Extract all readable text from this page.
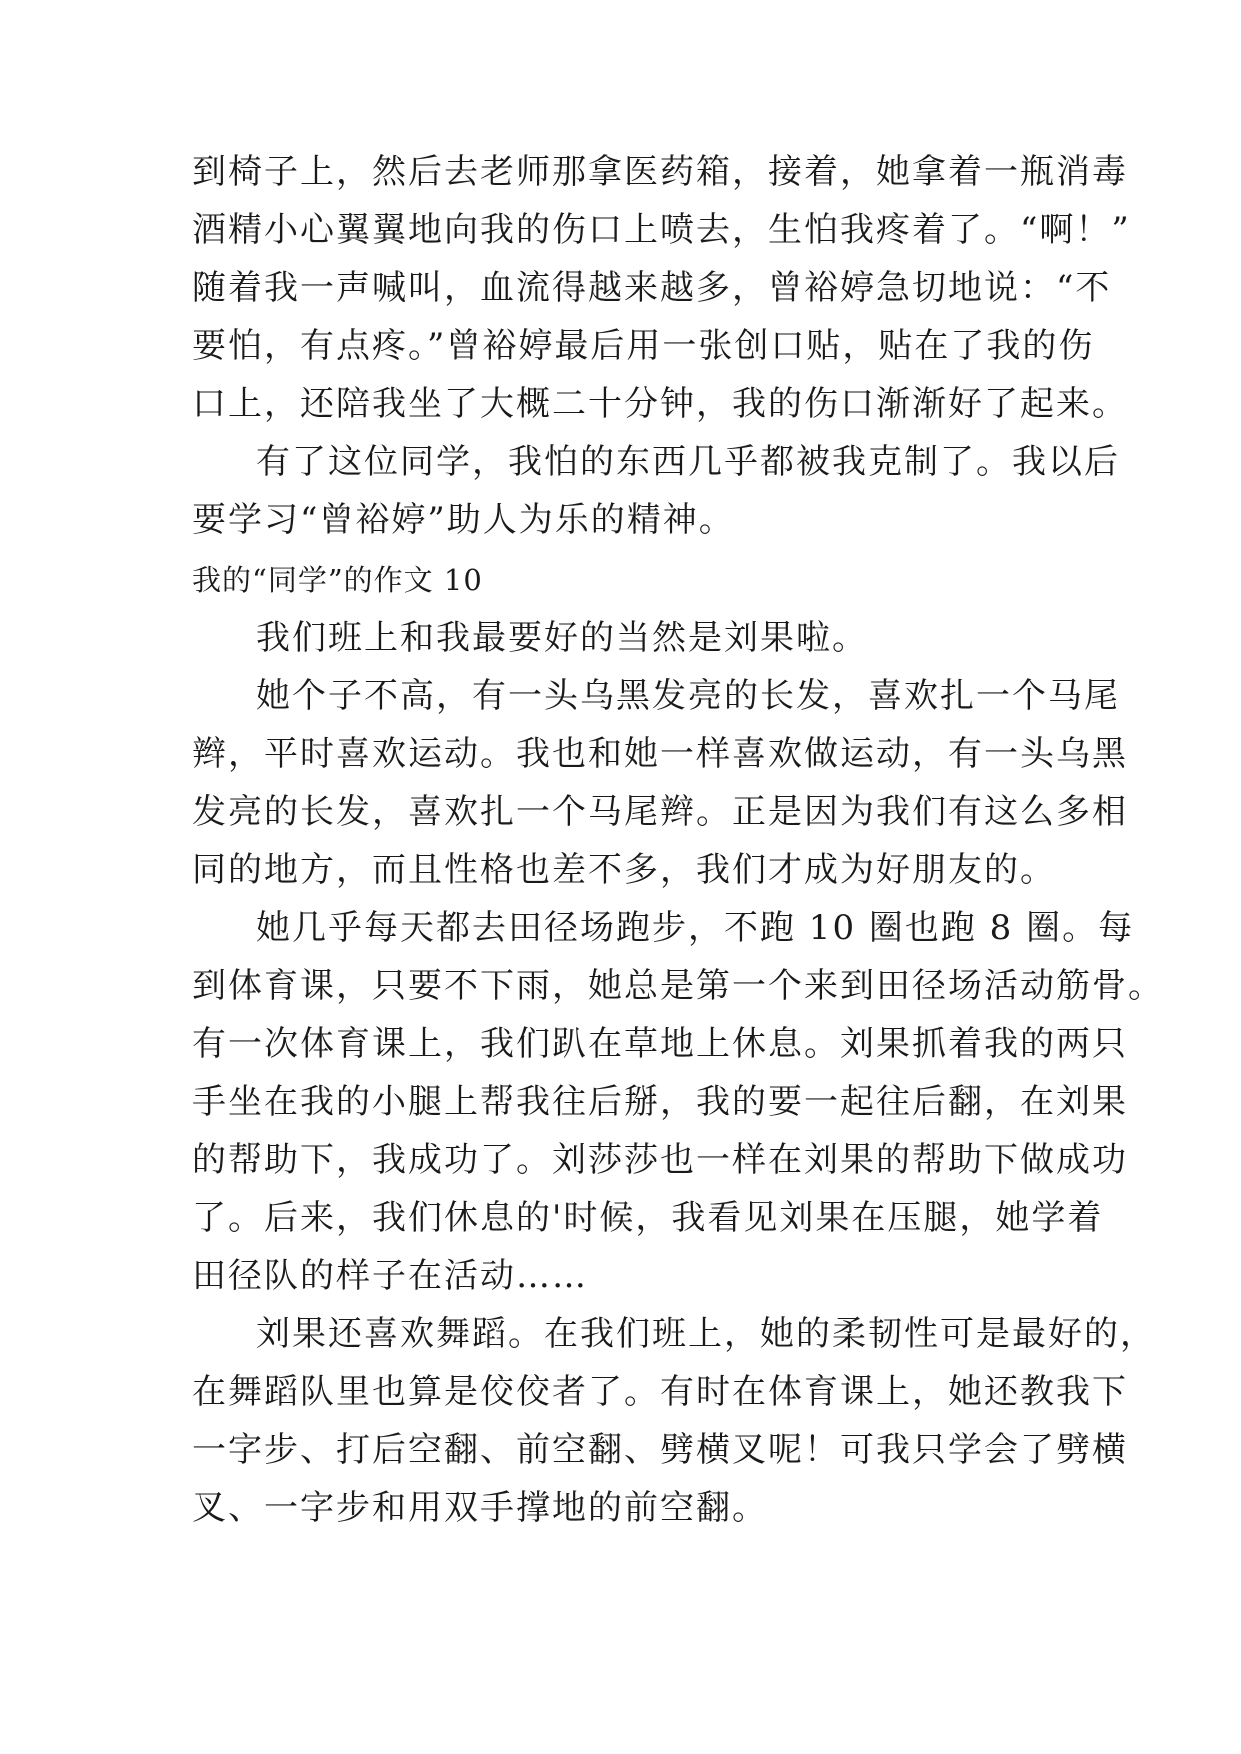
到椅子上，然后去老师那拿医药箱，接着，她拿着一瓶消毒
酒精小心翼翼地向我的伤口上喷去，生怕我疼着了。“啊！”
随着我一声喊叫，血流得越来越多，曾裕婷急切地说：“不
要怕，有点疼。”曾裕婷最后用一张创口贴，贴在了我的伤
口上，还陪我坐了大概二十分钟，我的伤口渐渐好了起来。
有了这位同学，我怕的东西几乎都被我克制了。我以后
要学习“曾裕婷”助人为乐的精神。
我的“同学”的作文 10
我们班上和我最要好的当然是刘果啦。
她个子不高，有一头乌黑发亮的长发，喜欢扎一个马尾
辫，平时喜欢运动。我也和她一样喜欢做运动，有一头乌黑
发亮的长发，喜欢扎一个马尾辫。正是因为我们有这么多相
同的地方，而且性格也差不多，我们才成为好朋友的。
她几乎每天都去田径场跑步，不跑 10 圈也跑 8 圈。每
到体育课，只要不下雨，她总是第一个来到田径场活动筋骨。
有一次体育课上，我们趴在草地上休息。刘果抓着我的两只
手坐在我的小腿上帮我往后掰，我的要一起往后翻，在刘果
的帮助下，我成功了。刘莎莎也一样在刘果的帮助下做成功
了。后来，我们休息的'时候，我看见刘果在压腿，她学着
田径队的样子在活动……
刘果还喜欢舞蹈。在我们班上，她的柔韧性可是最好的，
在舞蹈队里也算是佼佼者了。有时在体育课上，她还教我下
一字步、打后空翻、前空翻、劈横叉呢！可我只学会了劈横
叉、一字步和用双手撑地的前空翻。
